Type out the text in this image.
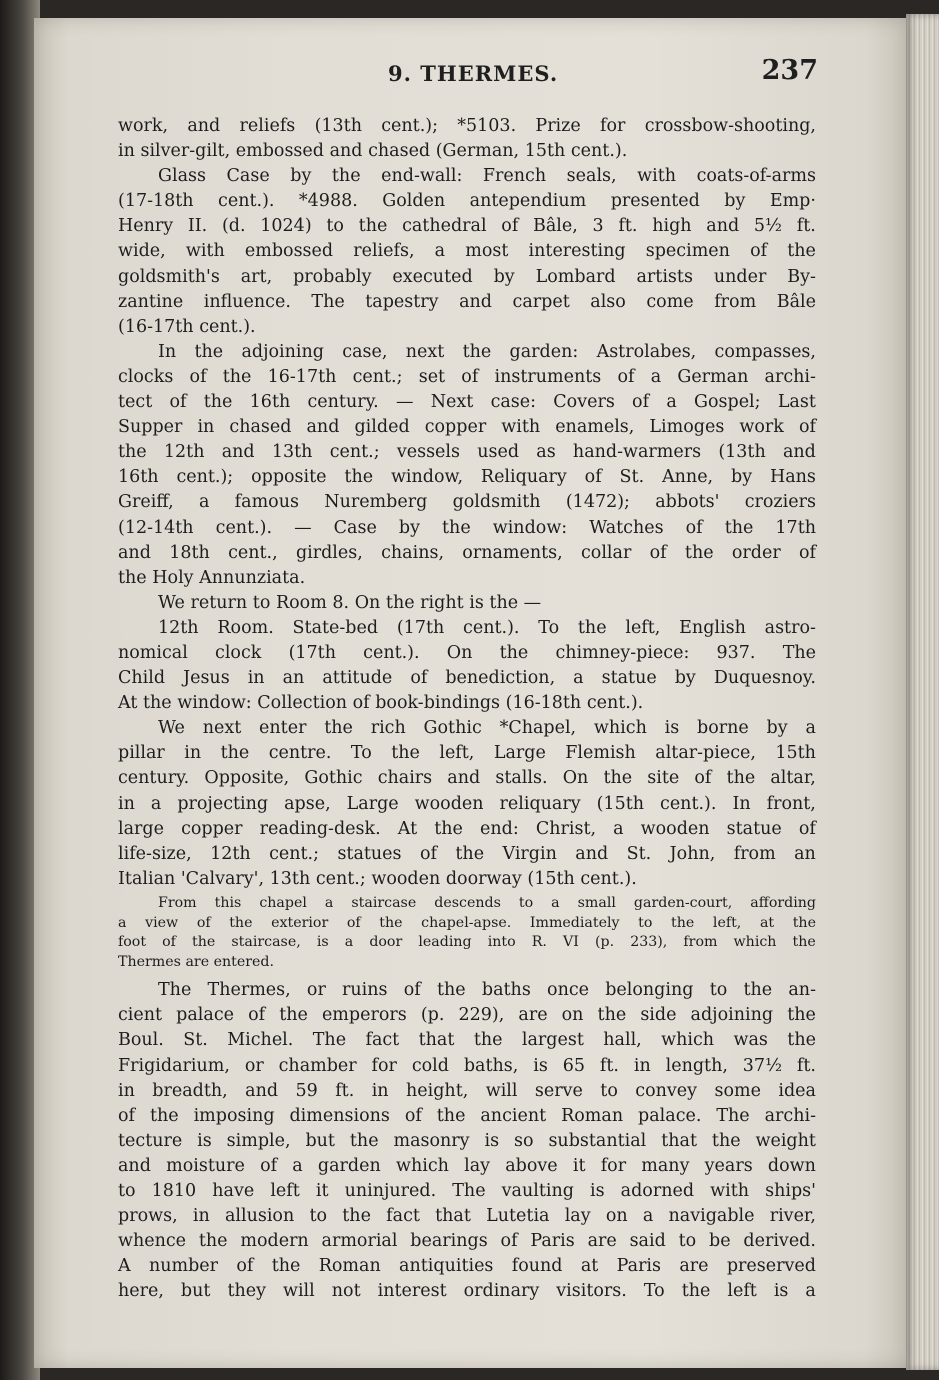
9. THERMES.	237
work, and reliefs (13th cent.); *5103. Prize for crossbow-shooting,
in silver-gilt, embossed and chased (German, 15th cent.).
Glass Case by the end-wall: French seals, with coats-of-arms
(17-18th cent.). *4988. Golden antependium presented by Emp·
Henry II. (d. 1024) to the cathedral of Bâle, 3 ft. high and 5½ ft.
wide, with embossed reliefs, a most interesting specimen of the
goldsmith's art, probably executed by Lombard artists under By-
zantine influence. The tapestry and carpet also come from Bâle
(16-17th cent.).
In the adjoining case, next the garden: Astrolabes, compasses,
clocks of the 16-17th cent.; set of instruments of a German archi-
tect of the 16th century. — Next case: Covers of a Gospel; Last
Supper in chased and gilded copper with enamels, Limoges work of
the 12th and 13th cent.; vessels used as hand-warmers (13th and
16th cent.); opposite the window, Reliquary of St. Anne, by Hans
Greiff, a famous Nuremberg goldsmith (1472); abbots' croziers
(12-14th cent.). — Case by the window: Watches of the 17th
and 18th cent., girdles, chains, ornaments, collar of the order of
the Holy Annunziata.
We return to Room 8. On the right is the —
12th Room. State-bed (17th cent.). To the left, English astro-
nomical clock (17th cent.). On the chimney-piece: 937. The
Child Jesus in an attitude of benediction, a statue by Duquesnoy.
At the window: Collection of book-bindings (16-18th cent.).
We next enter the rich Gothic *Chapel, which is borne by a
pillar in the centre. To the left, Large Flemish altar-piece, 15th
century. Opposite, Gothic chairs and stalls. On the site of the altar,
in a projecting apse, Large wooden reliquary (15th cent.). In front,
large copper reading-desk. At the end: Christ, a wooden statue of
life-size, 12th cent.; statues of the Virgin and St. John, from an
Italian 'Calvary', 13th cent.; wooden doorway (15th cent.).
From this chapel a staircase descends to a small garden-court, affording
a view of the exterior of the chapel-apse. Immediately to the left, at the
foot of the staircase, is a door leading into R. VI (p. 233), from which the
Thermes are entered.
The Thermes, or ruins of the baths once belonging to the an-
cient palace of the emperors (p. 229), are on the side adjoining the
Boul. St. Michel. The fact that the largest hall, which was the
Frigidarium, or chamber for cold baths, is 65 ft. in length, 37½ ft.
in breadth, and 59 ft. in height, will serve to convey some idea
of the imposing dimensions of the ancient Roman palace. The archi-
tecture is simple, but the masonry is so substantial that the weight
and moisture of a garden which lay above it for many years down
to 1810 have left it uninjured. The vaulting is adorned with ships'
prows, in allusion to the fact that Lutetia lay on a navigable river,
whence the modern armorial bearings of Paris are said to be derived.
A number of the Roman antiquities found at Paris are preserved
here, but they will not interest ordinary visitors. To the left is a
